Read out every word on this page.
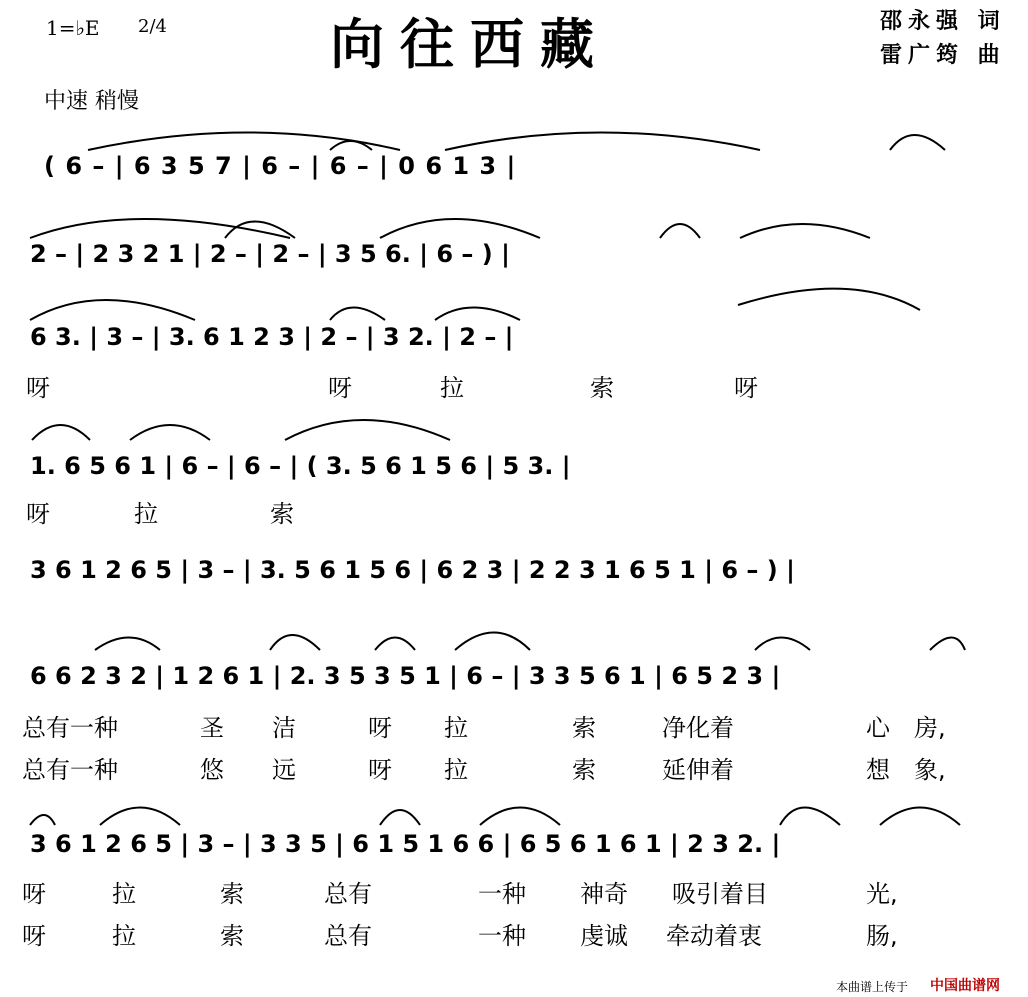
1=♭E 2/4	向往西藏	邵永强 词
雷广筠 曲
中速 稍慢
( 6 – | 6 3 5 7 | 6 – | 6 – | 0 6 1 3 |
2 – | 2 3 2 1 | 2 – | 2 – | 3 5 6. | 6 – ) |
6 3. | 3 – | 3. 6 1 2 3 | 2 – | 3 2. | 2 – |
呀	呀	拉	索	呀
1. 6 5 6 1 | 6 – | 6 – | ( 3. 5 6 1 5 6 | 5 3. |
呀	拉	索
3 6 1 2 6 5 | 3 – | 3. 5 6 1 5 6 | 6 2 3 | 2 2 3 1 6 5 1 | 6 – ) |
6 6 2 3 2 | 1 2 6 1 | 2. 3 5 3 5 1 | 6 – | 3 3 5 6 1 | 6 5 2 3 |
总有一种	圣 洁	呀 拉	索	净化着	心 房,
总有一种	悠 远	呀 拉	索	延伸着	想 象,
3 6 1 2 6 5 | 3 – | 3 3 5 | 6 1 5 1 6 6 | 6 5 6 1 6 1 | 2 3 2. |
呀	拉	索	总有	一种 神奇 吸引着目	光,
呀	拉	索	总有	一种 虔诚 牵动着衷	肠,
本曲谱上传于 中国曲谱网
